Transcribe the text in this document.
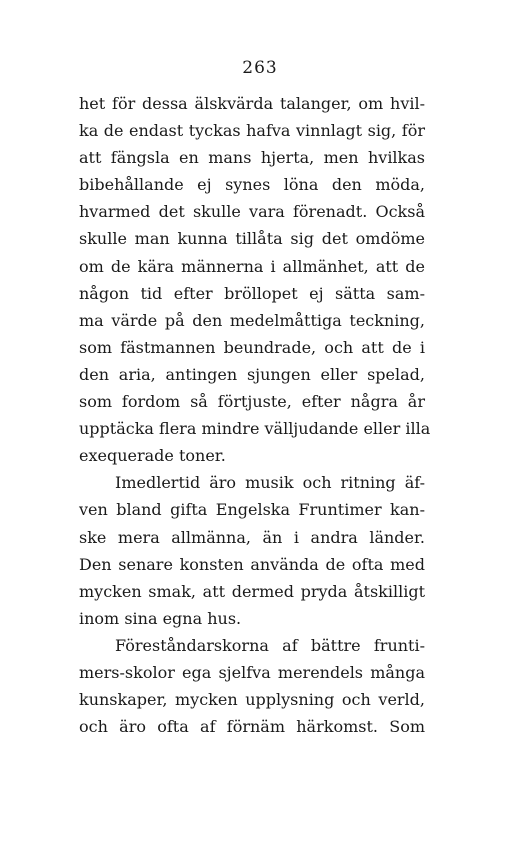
263
het för dessa älskvärda talanger, om hvil-
ka de endast tyckas hafva vinnlagt sig, för
att fängsla en mans hjerta, men hvilkas
bibehållande ej synes löna den möda,
hvarmed det skulle vara förenadt. Också
skulle man kunna tillåta sig det omdöme
om de kära männerna i allmänhet, att de
någon tid efter bröllopet ej sätta sam-
ma värde på den medelmåttiga teckning,
som fästmannen beundrade, och att de i
den aria, antingen sjungen eller spelad,
som fordom så förtjuste, efter några år
upptäcka flera mindre välljudande eller illa
exequerade toner.
Imedlertid äro musik och ritning äf-
ven bland gifta Engelska Fruntimer kan-
ske mera allmänna, än i andra länder.
Den senare konsten använda de ofta med
mycken smak, att dermed pryda åtskilligt
inom sina egna hus.
Föreståndarskorna af bättre frunti-
mers-skolor ega sjelfva merendels många
kunskaper, mycken upplysning och verld,
och äro ofta af förnäm härkomst. Som
